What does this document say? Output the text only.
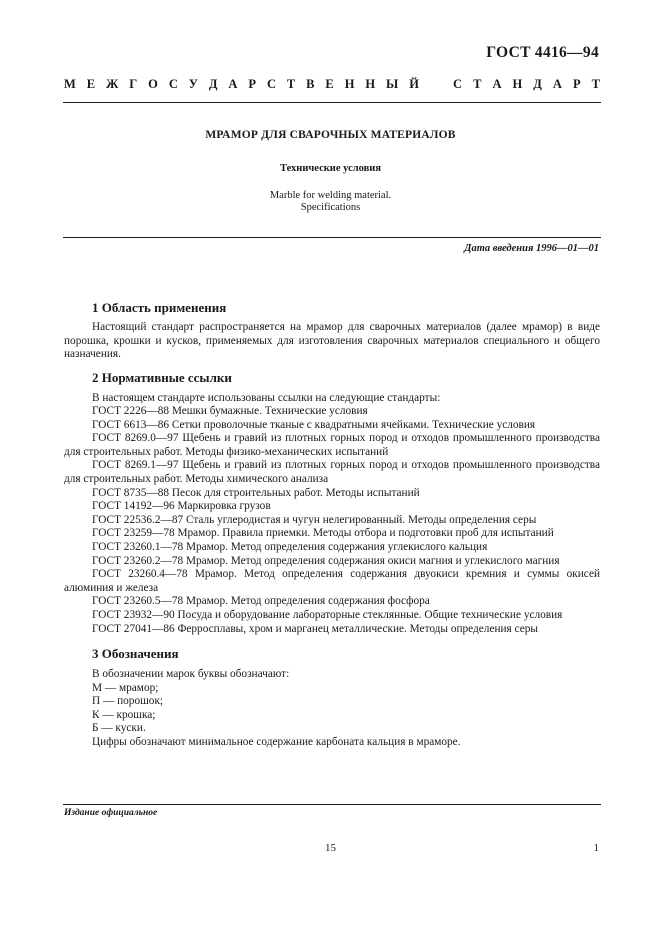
ГОСТ 4416—94
М Е Ж Г О С У Д А Р С Т В Е Н Н Ы Й	С Т А Н Д А Р Т
МРАМОР ДЛЯ СВАРОЧНЫХ МАТЕРИАЛОВ
Технические условия
Marble for welding material.
Specifications
Дата введения 1996—01—01
1 Область применения
Настоящий стандарт распространяется на мрамор для сварочных материалов (далее мрамор) в виде порошка, крошки и кусков, применяемых для изготовления сварочных материалов специального и общего назначения.
2 Нормативные ссылки
В настоящем стандарте использованы ссылки на следующие стандарты:
ГОСТ 2226—88 Мешки бумажные. Технические условия
ГОСТ 6613—86 Сетки проволочные тканые с квадратными ячейками. Технические условия
ГОСТ 8269.0—97 Щебень и гравий из плотных горных пород и отходов промышленного производства для строительных работ. Методы физико-механических испытаний
ГОСТ 8269.1—97 Щебень и гравий из плотных горных пород и отходов промышленного производства для строительных работ. Методы химического анализа
ГОСТ 8735—88 Песок для строительных работ. Методы испытаний
ГОСТ 14192—96 Маркировка грузов
ГОСТ 22536.2—87 Сталь углеродистая и чугун нелегированный. Методы определения серы
ГОСТ 23259—78 Мрамор. Правила приемки. Методы отбора и подготовки проб для испытаний
ГОСТ 23260.1—78 Мрамор. Метод определения содержания углекислого кальция
ГОСТ 23260.2—78 Мрамор. Метод определения содержания окиси магния и углекислого магния
ГОСТ 23260.4—78 Мрамор. Метод определения содержания двуокиси кремния и суммы окисей алюминия и железа
ГОСТ 23260.5—78 Мрамор. Метод определения содержания фосфора
ГОСТ 23932—90 Посуда и оборудование лабораторные стеклянные. Общие технические условия
ГОСТ 27041—86 Ферросплавы, хром и марганец металлические. Методы определения серы
3 Обозначения
В обозначении марок буквы обозначают:
М — мрамор;
П — порошок;
К — крошка;
Б — куски.
Цифры обозначают минимальное содержание карбоната кальция в мраморе.
Издание официальное
15	1
